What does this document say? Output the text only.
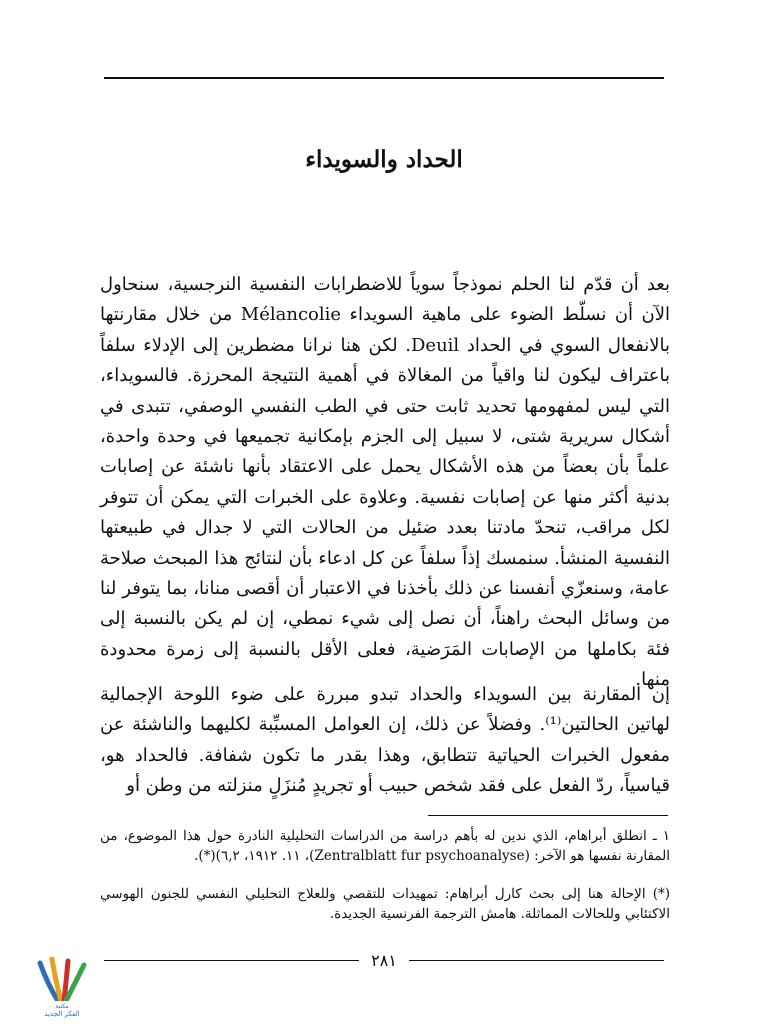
الحداد والسويداء

بعد أن قدّم لنا الحلم نموذجاً سوياً للاضطرابات النفسية النرجسية، سنحاول الآن أن نسلّط الضوء على ماهية السويداء Mélancolie من خلال مقارنتها بالانفعال السوي في الحداد Deuil. لكن هنا نرانا مضطرين إلى الإدلاء سلفاً باعتراف ليكون لنا واقياً من المغالاة في أهمية النتيجة المحرزة. فالسويداء، التي ليس لمفهومها تحديد ثابت حتى في الطب النفسي الوصفي، تتبدى في أشكال سريرية شتى، لا سبيل إلى الجزم بإمكانية تجميعها في وحدة واحدة، علماً بأن بعضاً من هذه الأشكال يحمل على الاعتقاد بأنها ناشئة عن إصابات بدنية أكثر منها عن إصابات نفسية. وعلاوة على الخبرات التي يمكن أن تتوفر لكل مراقب، تنحدّ مادتنا بعدد ضئيل من الحالات التي لا جدال في طبيعتها النفسية المنشأ. سنمسك إذاً سلفاً عن كل ادعاء بأن لنتائج هذا المبحث صلاحة عامة، وسنعزّي أنفسنا عن ذلك بأخذنا في الاعتبار أن أقصى منانا، بما يتوفر لنا من وسائل البحث راهناً، أن نصل إلى شيء نمطي، إن لم يكن بالنسبة إلى فئة بكاملها من الإصابات المَرَضية، فعلى الأقل بالنسبة إلى زمرة محدودة منها.

إن المقارنة بين السويداء والحداد تبدو مبررة على ضوء اللوحة الإجمالية لهاتين الحالتين⁽¹⁾. وفضلاً عن ذلك، إن العوامل المسبِّبة لكليهما والناشئة عن مفعول الخبرات الحياتية تتطابق، وهذا بقدر ما تكون شفافة. فالحداد هو، قياسياً، ردّ الفعل على فقد شخص حبيب أو تجريدٍ مُنزَلٍ منزلته من وطن أو

١ ـ انطلق أبراهام، الذي ندين له بأهم دراسة من الدراسات التحليلية النادرة حول هذا الموضوع، من المقارنة نفسها هو الآخر: (Zentralblatt fur psychoanalyse)، ١١. ١٩١٢، ٦,٢)(*).

(*) الإحالة هنا إلى بحث كارل أبراهام: تمهيدات للتقصي وللعلاج التحليلي النفسي للجنون الهوسي الاكتئابي وللحالات المماثلة. هامش الترجمة الفرنسية الجديدة.

٢٨١
مكتبة
الفكر الجديد
